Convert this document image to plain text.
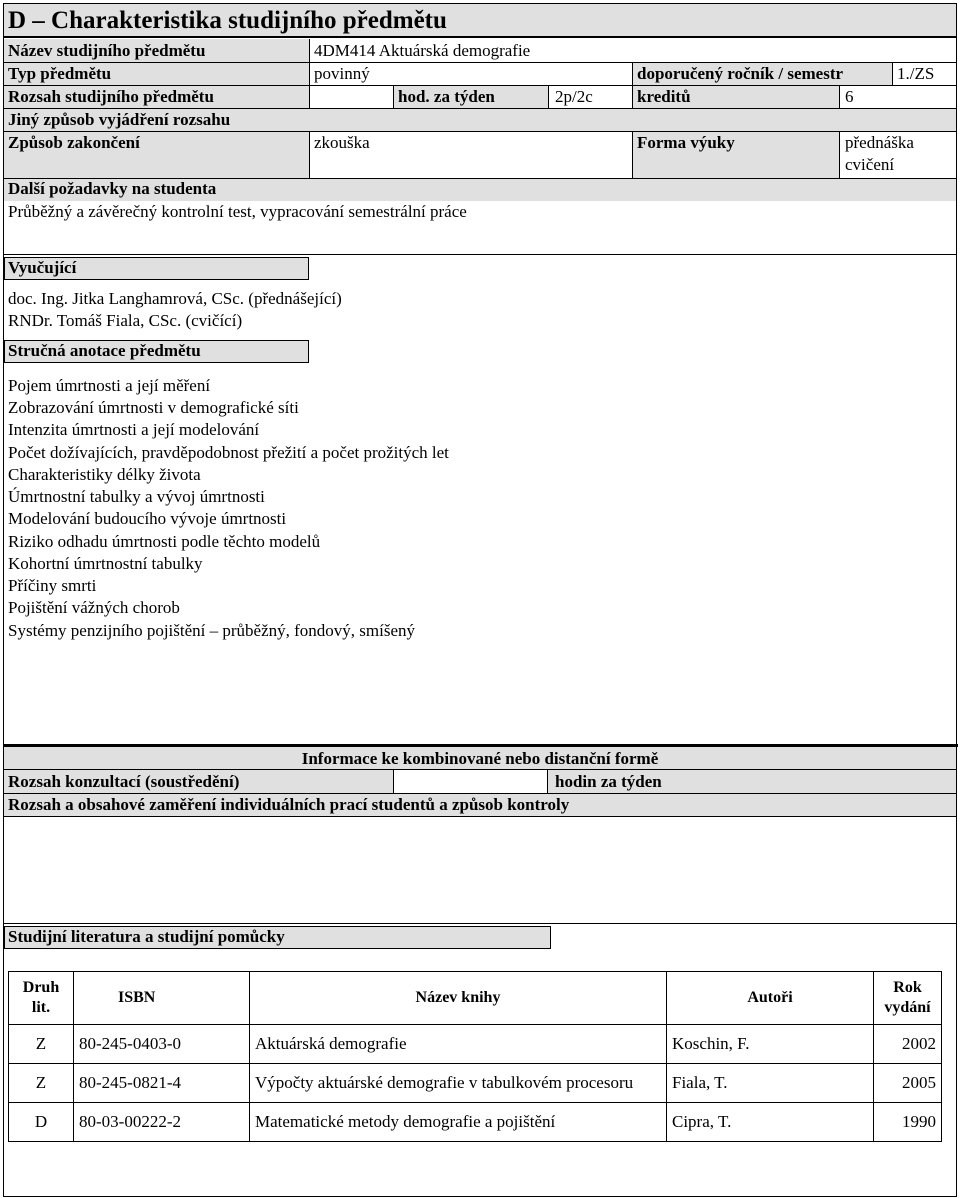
D – Charakteristika studijního předmětu
Název studijního předmětu	4DM414 Aktuárská demografie
Typ předmětu	povinný	doporučený ročník / semestr	1./ZS
Rozsah studijního předmětu	hod. za týden	2p/2c	kreditů	6
Jiný způsob vyjádření rozsahu
Způsob zakončení	zkouška	Forma výuky	přednáška
cvičení
Další požadavky na studenta
Průběžný a závěrečný kontrolní test, vypracování semestrální práce
Vyučující
doc. Ing. Jitka Langhamrová, CSc. (přednášející)
RNDr. Tomáš Fiala, CSc. (cvičící)
Stručná anotace předmětu
Pojem úmrtnosti a její měření
Zobrazování úmrtnosti v demografické síti
Intenzita úmrtnosti a její modelování
Počet dožívajících, pravděpodobnost přežití a počet prožitých let
Charakteristiky délky života
Úmrtnostní tabulky a vývoj úmrtnosti
Modelování budoucího vývoje úmrtnosti
Riziko odhadu úmrtnosti podle těchto modelů
Kohortní úmrtnostní tabulky
Příčiny smrti
Pojištění vážných chorob
Systémy penzijního pojištění – průběžný, fondový, smíšený
Informace ke kombinované nebo distanční formě
Rozsah konzultací (soustředění)	hodin za týden
Rozsah a obsahové zaměření individuálních prací studentů a způsob kontroly
Studijní literatura a studijní pomůcky
Druh lit.	ISBN	Název knihy	Autoři	Rok vydání
Z	80-245-0403-0	Aktuárská demografie	Koschin, F.	2002
Z	80-245-0821-4	Výpočty aktuárské demografie v tabulkovém procesoru	Fiala, T.	2005
D	80-03-00222-2	Matematické metody demografie a pojištění	Cipra, T.	1990
